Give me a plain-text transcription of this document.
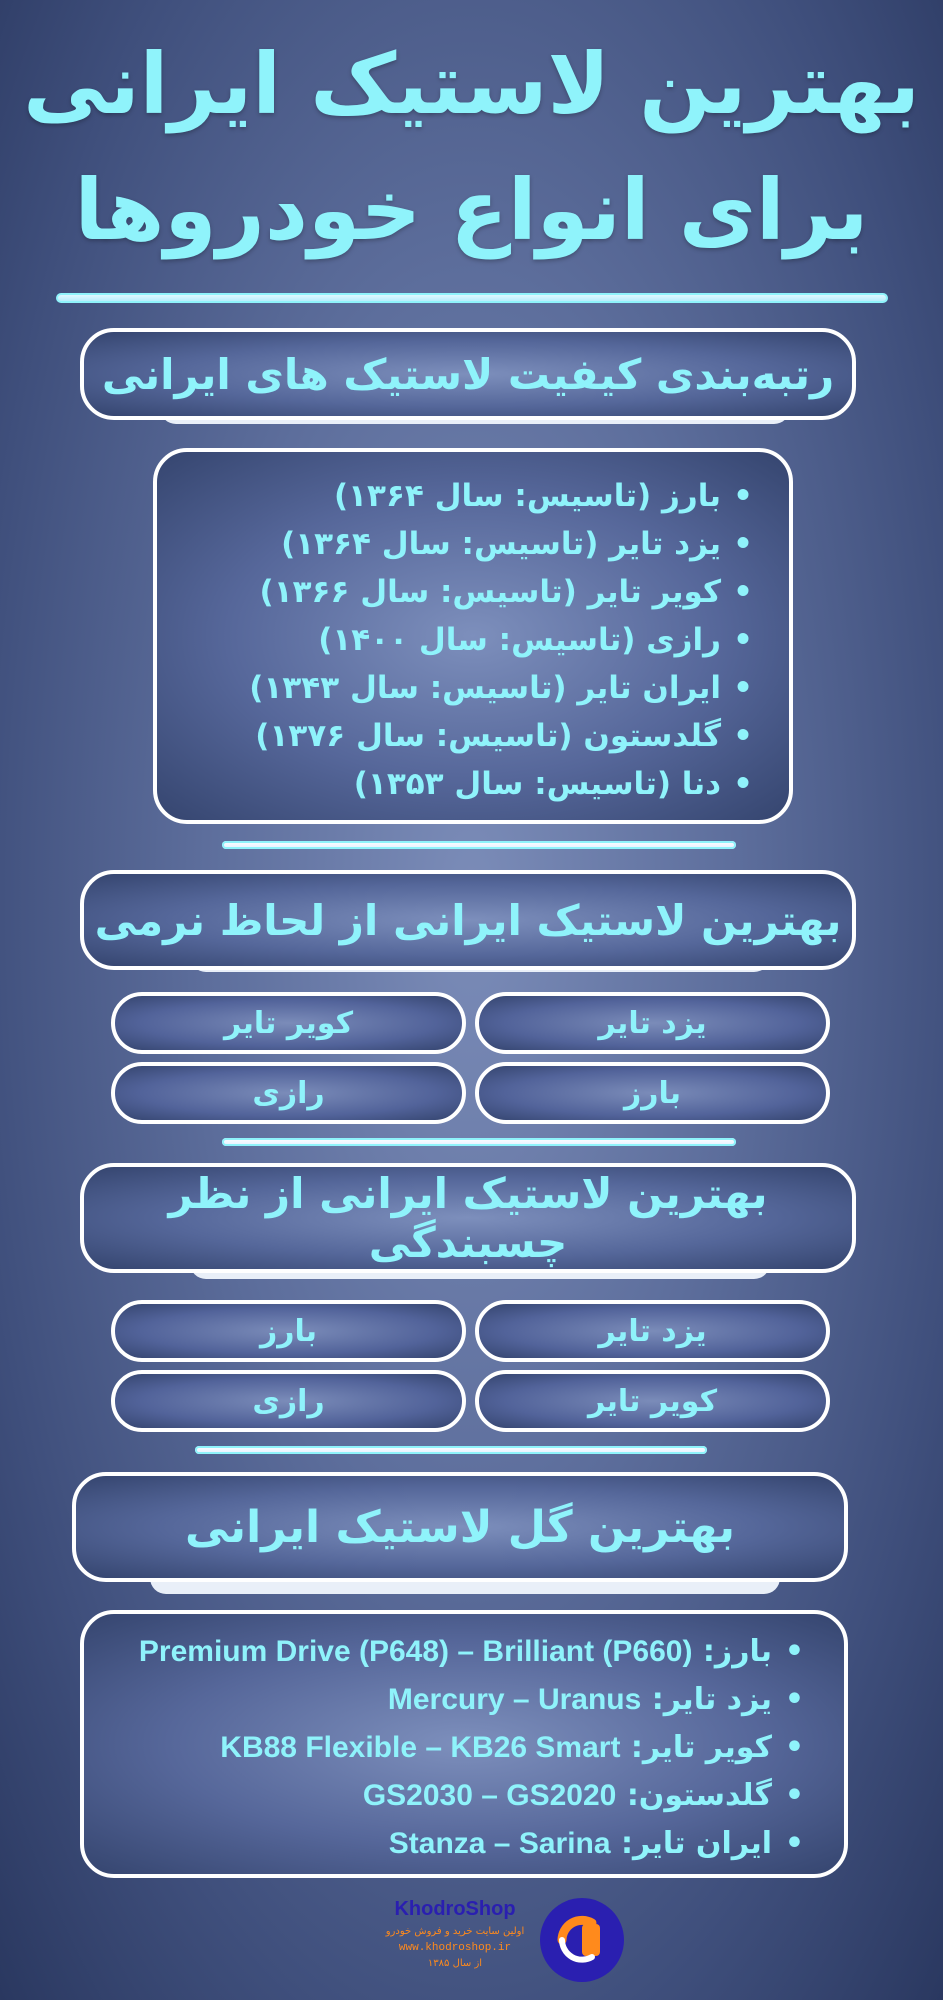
بهترین لاستیک ایرانی
برای انواع خودروها
رتبه‌بندی کیفیت لاستیک های ایرانی
• بارز (تاسیس: سال ۱۳۶۴)
• یزد تایر (تاسیس: سال ۱۳۶۴)
• کویر تایر (تاسیس: سال ۱۳۶۶)
• رازی (تاسیس: سال ۱۴۰۰)
• ایران تایر (تاسیس: سال ۱۳۴۳)
• گلدستون (تاسیس: سال ۱۳۷۶)
• دنا (تاسیس: سال ۱۳۵۳)
بهترین لاستیک ایرانی از لحاظ نرمی
یزد تایر
کویر تایر
بارز
رازی
بهترین لاستیک ایرانی از نظر چسبندگی
یزد تایر
بارز
کویر تایر
رازی
بهترین گل لاستیک ایرانی
• بارز: Premium Drive (P648) – Brilliant (P660)
• یزد تایر: Mercury – Uranus
• کویر تایر: KB88 Flexible – KB26 Smart
• گلدستون: GS2030 – GS2020
• ایران تایر: Stanza – Sarina
KhodroShop
اولین سایت خرید و فروش خودرو
www.khodroshop.ir
از سال ۱۳۸۵
